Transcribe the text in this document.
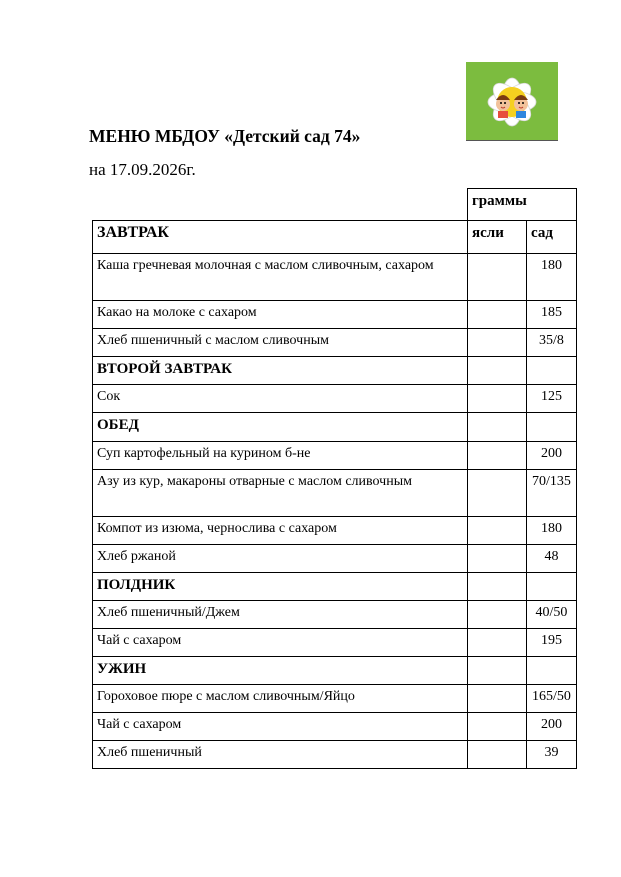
МЕНЮ МБДОУ «Детский сад 74»
на 17.09.2026г.
	граммы	
ЗАВТРАК	ясли	сад
Каша гречневая молочная с маслом сливочным, сахаром		180
Какао на молоке с сахаром		185
Хлеб пшеничный с маслом сливочным		35/8
ВТОРОЙ ЗАВТРАК		
Сок		125
ОБЕД		
Суп картофельный на курином б-не		200
Азу из кур, макароны отварные с маслом сливочным		70/135
Компот из изюма, чернослива с сахаром		180
Хлеб ржаной		48
ПОЛДНИК		
Хлеб пшеничный/Джем		40/50
Чай с сахаром		195
УЖИН		
Гороховое пюре с маслом сливочным/Яйцо		165/50
Чай с сахаром		200
Хлеб пшеничный		39
